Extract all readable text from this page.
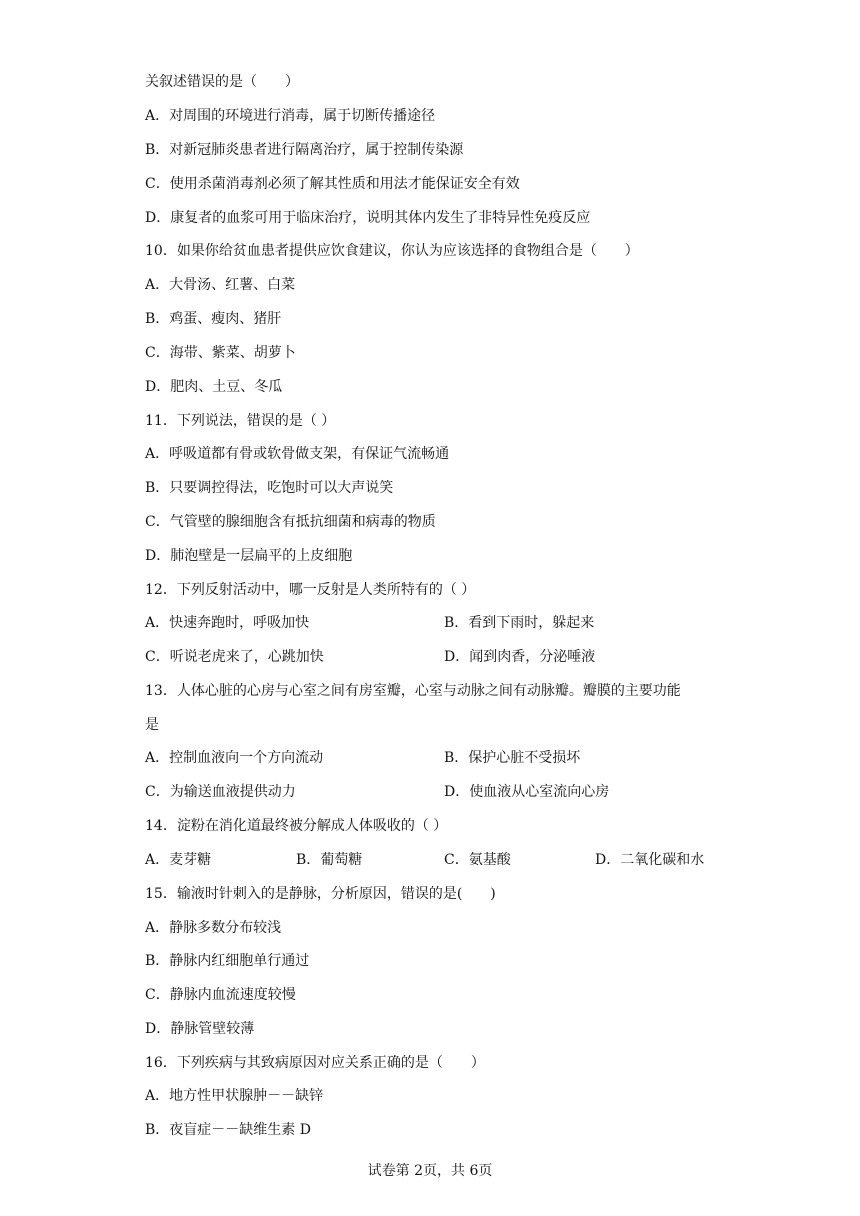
关叙述错误的是（　　）
A．对周围的环境进行消毒，属于切断传播途径
B．对新冠肺炎患者进行隔离治疗，属于控制传染源
C．使用杀菌消毒剂必须了解其性质和用法才能保证安全有效
D．康复者的血浆可用于临床治疗，说明其体内发生了非特异性免疫反应
10．如果你给贫血患者提供应饮食建议，你认为应该选择的食物组合是（　　）
A．大骨汤、红薯、白菜
B．鸡蛋、瘦肉、猪肝
C．海带、紫菜、胡萝卜
D．肥肉、土豆、冬瓜
11．下列说法，错误的是（ ）
A．呼吸道都有骨或软骨做支架，有保证气流畅通
B．只要调控得法，吃饱时可以大声说笑
C．气管壁的腺细胞含有抵抗细菌和病毒的物质
D．肺泡壁是一层扁平的上皮细胞
12．下列反射活动中，哪一反射是人类所特有的（ ）
A．快速奔跑时，呼吸加快	B．看到下雨时，躲起来
C．听说老虎来了，心跳加快	D．闻到肉香，分泌唾液
13．人体心脏的心房与心室之间有房室瓣，心室与动脉之间有动脉瓣。瓣膜的主要功能
是
A．控制血液向一个方向流动	B．保护心脏不受损坏
C．为输送血液提供动力	D．使血液从心室流向心房
14．淀粉在消化道最终被分解成人体吸收的（ ）
A．麦芽糖	B．葡萄糖	C．氨基酸	D．二氧化碳和水
15．输液时针刺入的是静脉，分析原因，错误的是(　　)
A．静脉多数分布较浅
B．静脉内红细胞单行通过
C．静脉内血流速度较慢
D．静脉管壁较薄
16．下列疾病与其致病原因对应关系正确的是（　　）
A．地方性甲状腺肿－－缺锌
B．夜盲症－－缺维生素 D
试卷第 2页，共 6页
